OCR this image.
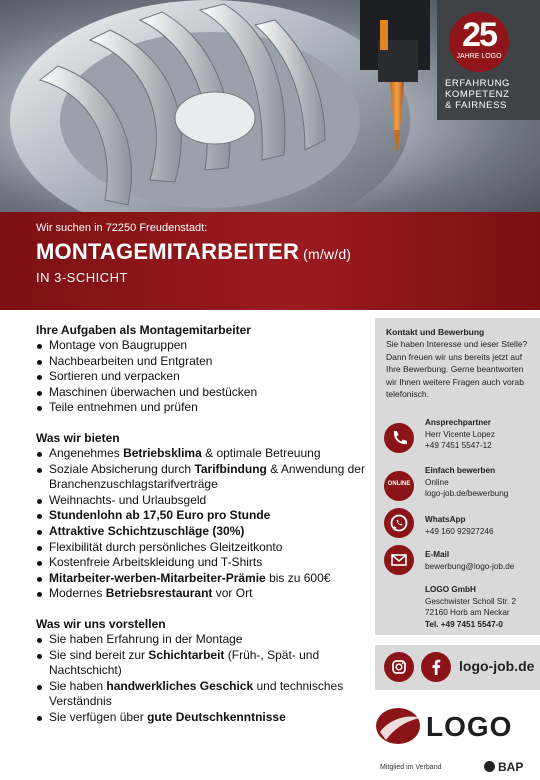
25
JAHRE LOGO
ERFAHRUNG
KOMPETENZ
& FAIRNESS
Wir suchen in 72250 Freudenstadt:
MONTAGEMITARBEITER (m/w/d)
IN 3-SCHICHT
Ihre Aufgaben als Montagemitarbeiter
Montage von Baugruppen
Nachbearbeiten und Entgraten
Sortieren und verpacken
Maschinen überwachen und bestücken
Teile entnehmen und prüfen
Was wir bieten
Angenehmes Betriebsklima & optimale Betreuung
Soziale Absicherung durch Tarifbindung & Anwendung der Branchenzuschlagstarifverträge
Weihnachts- und Urlaubsgeld
Stundenlohn ab 17,50 Euro pro Stunde
Attraktive Schichtzuschläge (30%)
Flexibilität durch persönliches Gleitzeitkonto
Kostenfreie Arbeitskleidung und T-Shirts
Mitarbeiter-werben-Mitarbeiter-Prämie bis zu 600€
Modernes Betriebsrestaurant vor Ort
Was wir uns vorstellen
Sie haben Erfahrung in der Montage
Sie sind bereit zur Schichtarbeit (Früh-, Spät- und Nachtschicht)
Sie haben handwerkliches Geschick und technisches Verständnis
Sie verfügen über gute Deutschkenntnisse
Kontakt und Bewerbung
Sie haben Interesse und ieser Stelle? Dann freuen wir uns bereits jetzt auf Ihre Bewerbung. Gerne beantworten wir Ihnen weitere Fragen auch vorab telefonisch.
Ansprechpartner
Herr Vicente Lopez
+49 7451 5547-12
ONLINE
Einfach bewerben
Online
logo-job.de/bewerbung
WhatsApp
+49 160 92927246
E-Mail
bewerbung@logo-job.de
LOGO GmbH
Geschwister Scholl Str. 2
72160 Horb am Neckar
Tel. +49 7451 5547-0
logo-job.de
LOGO
Mitglied im Verband	BAP
